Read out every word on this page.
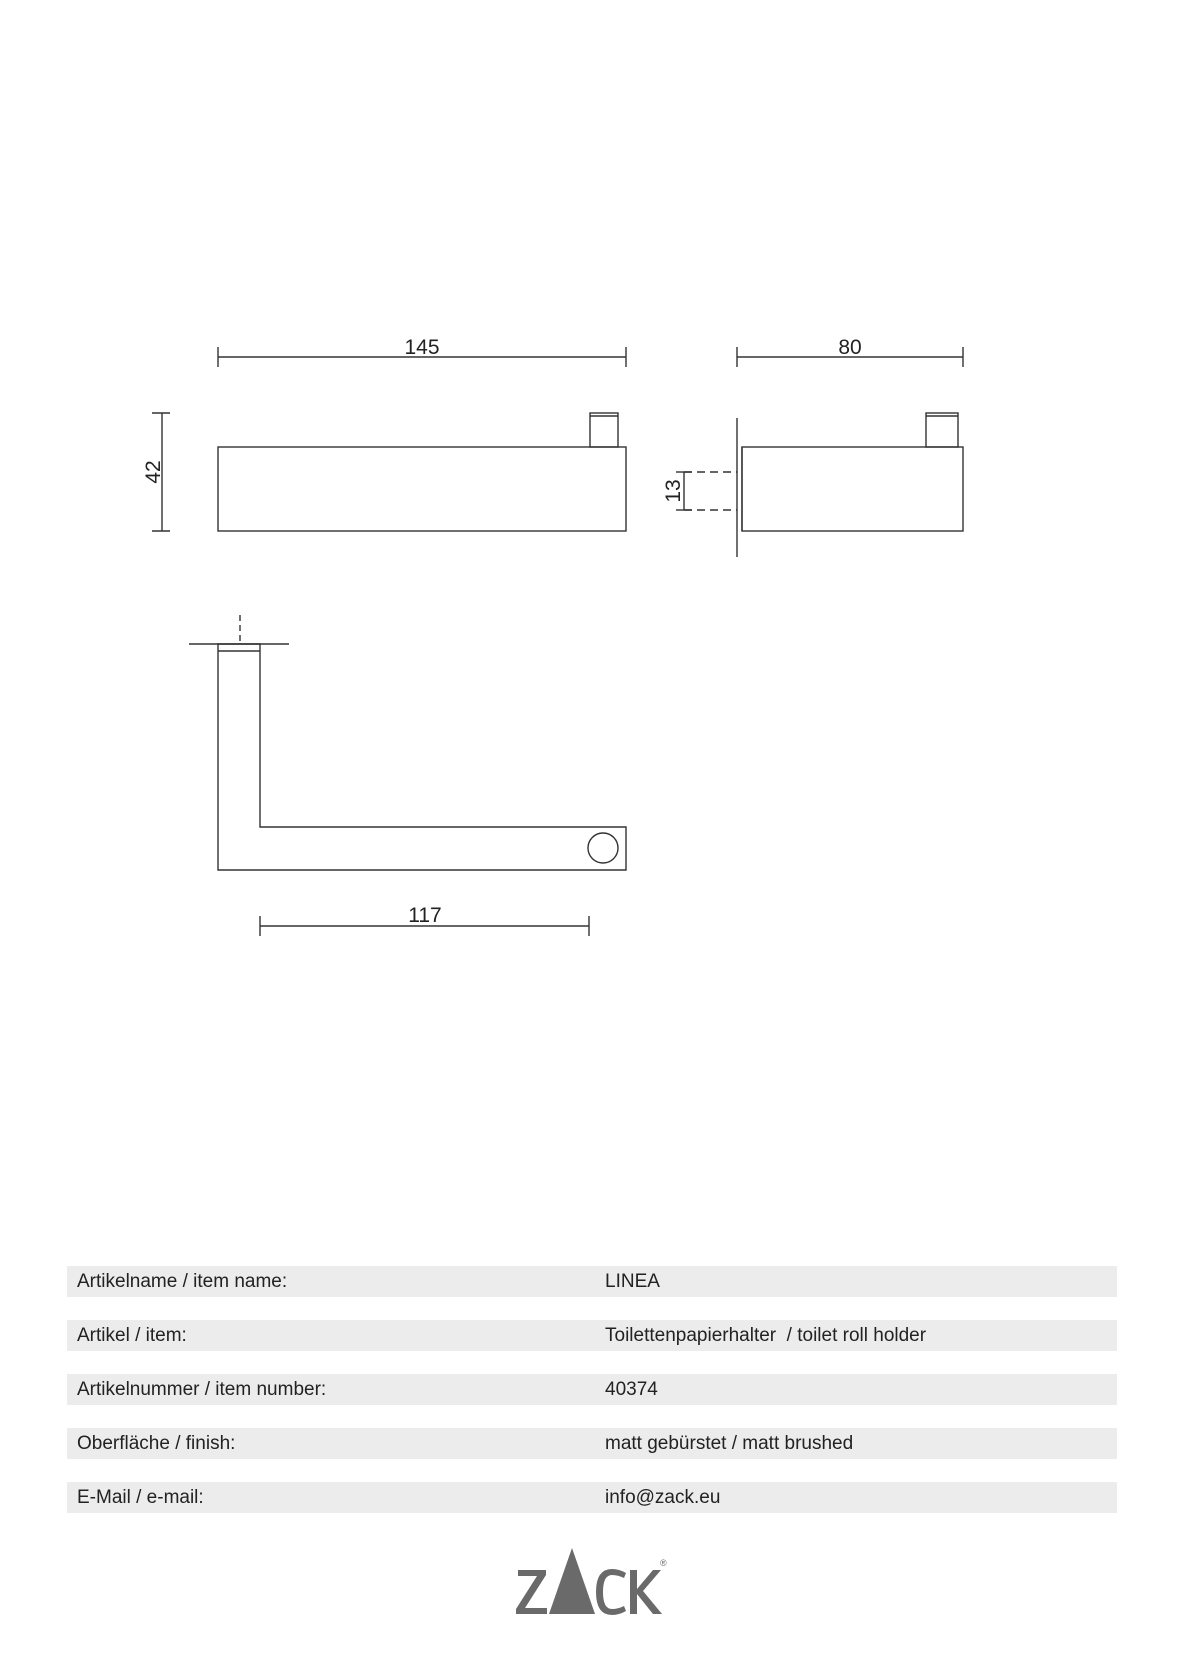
145	80
42
13
117
Artikelname / item name:	LINEA
Artikel / item:	Toilettenpapierhalter  / toilet roll holder
Artikelnummer / item number:	40374
Oberfläche / finish:	matt gebürstet / matt brushed
E-Mail / e-mail:	info@zack.eu
®
